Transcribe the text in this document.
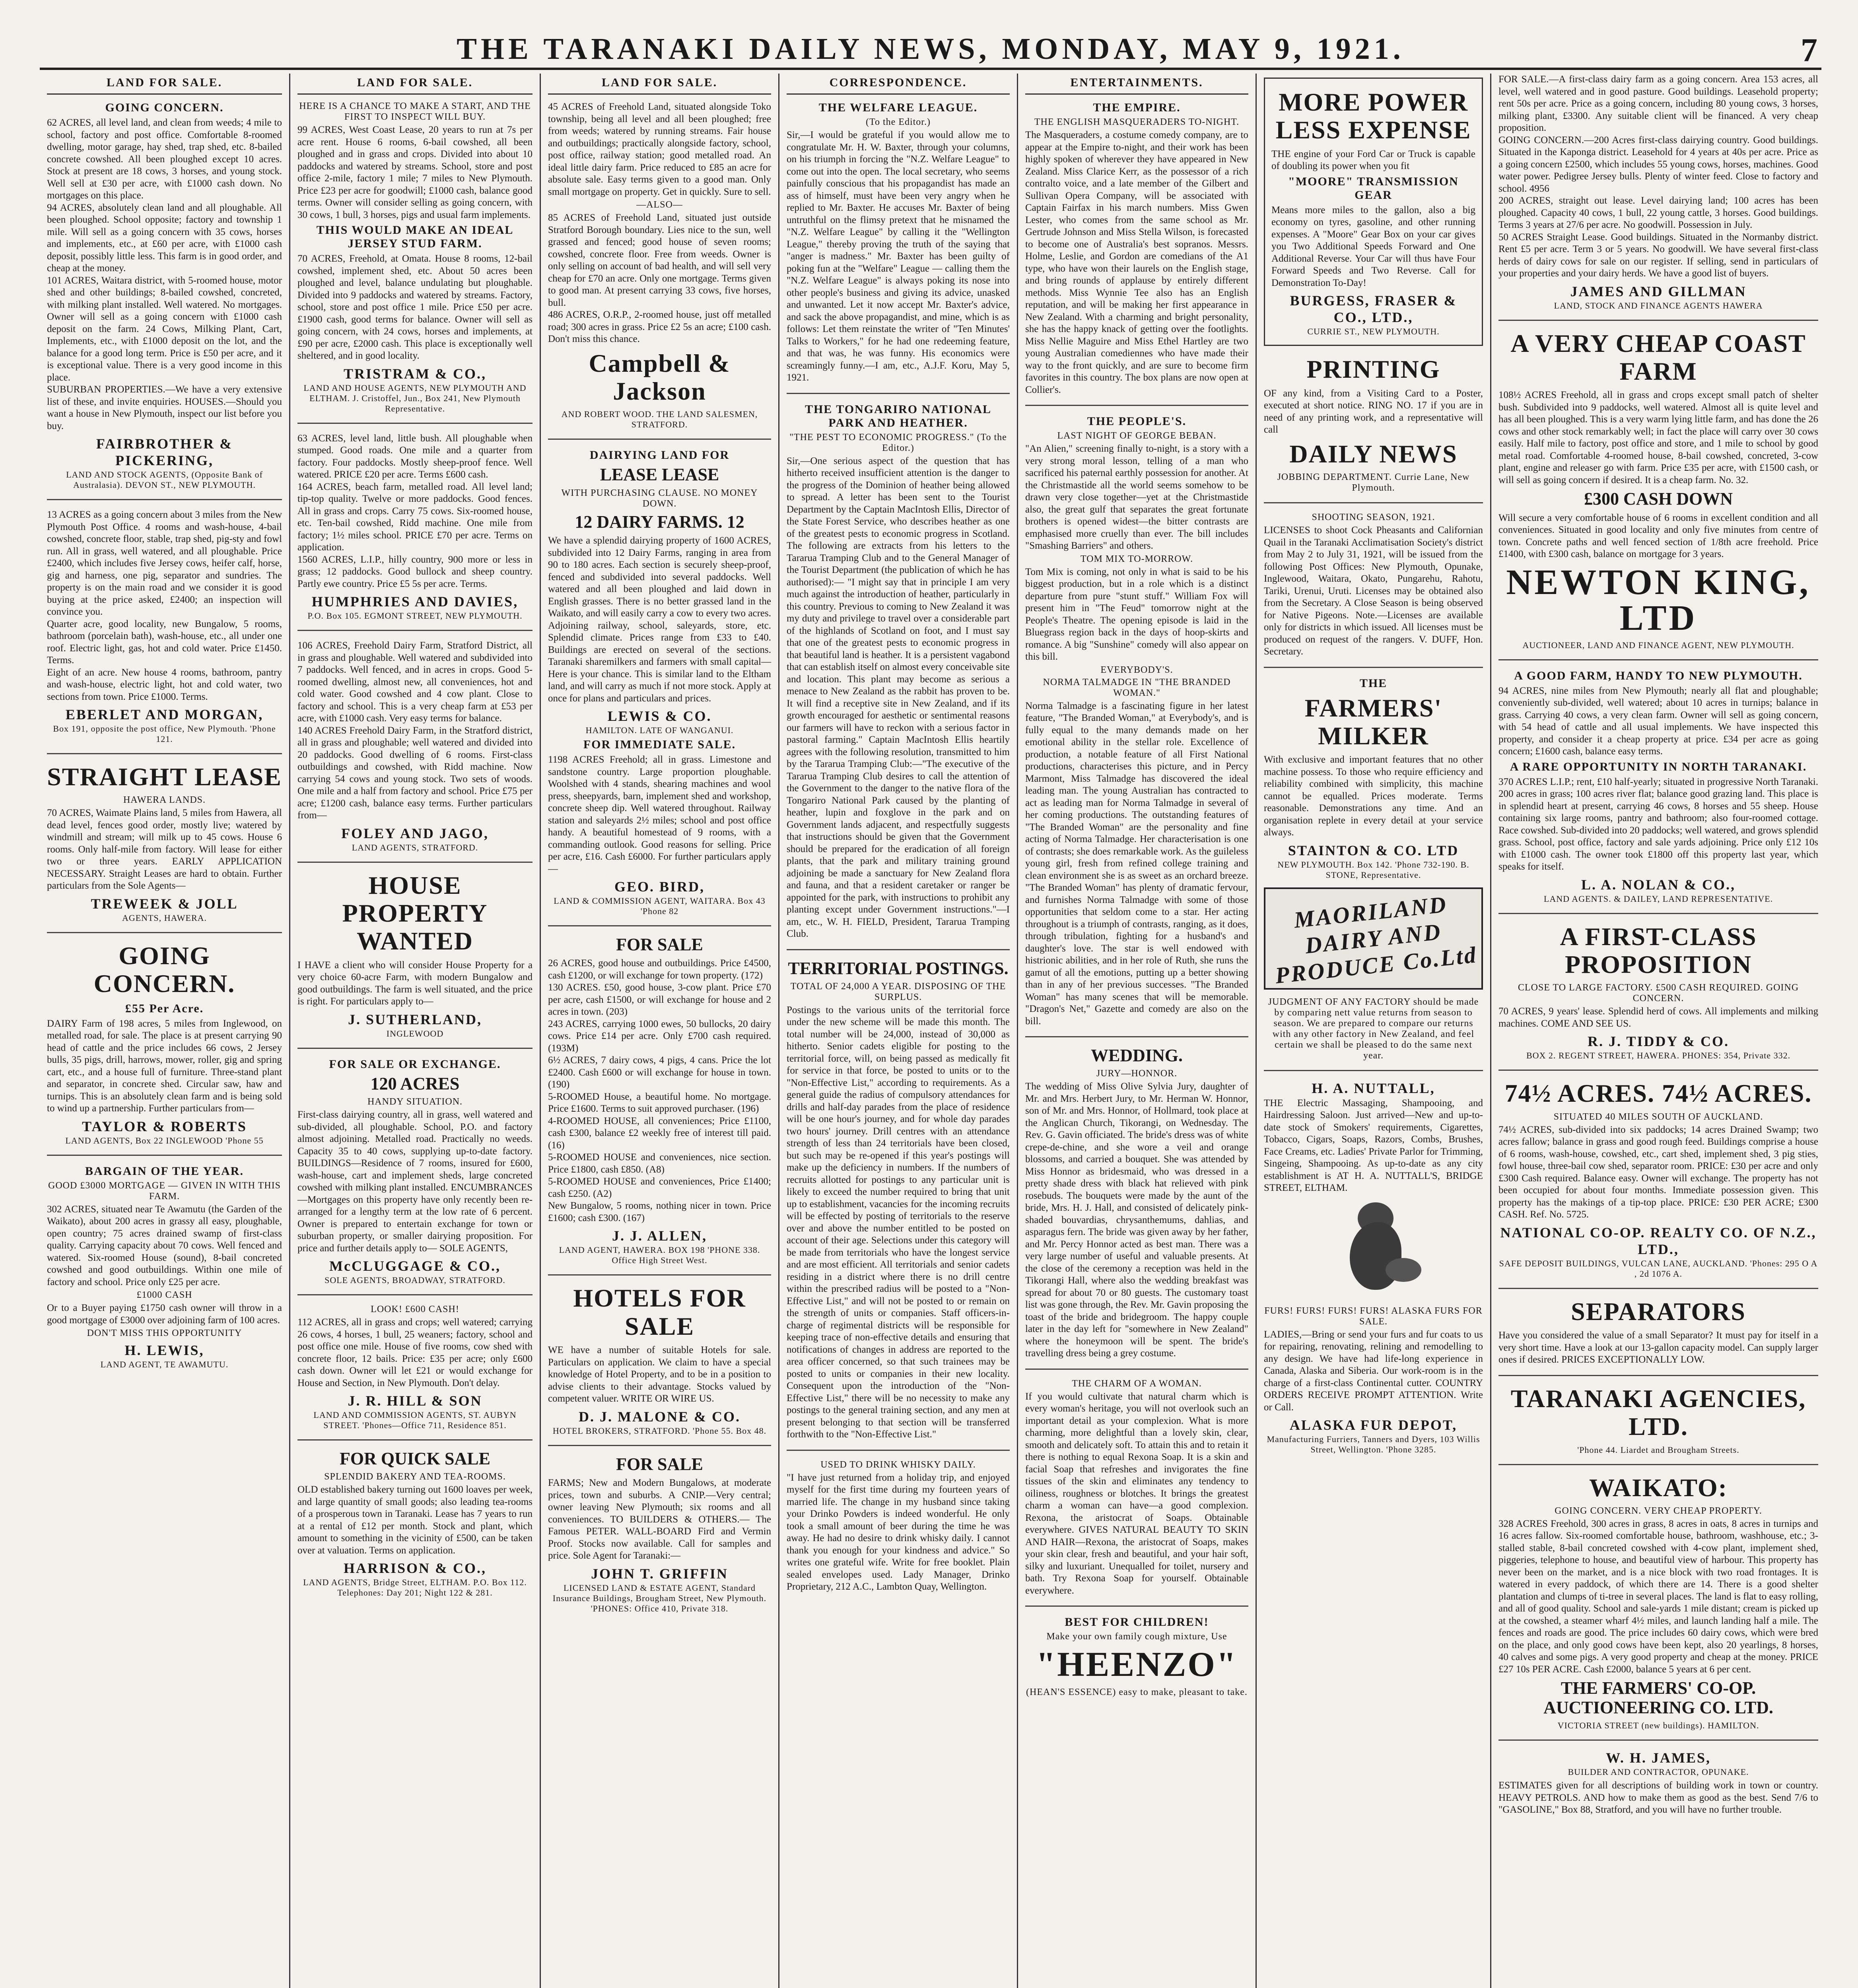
THE TARANAKI DAILY NEWS, MONDAY, MAY 9, 1921.	7
LAND FOR SALE.
GOING CONCERN.
62 ACRES, all level land, and clean from weeds; 4 mile to school, factory and post office. Comfortable 8-roomed dwelling, motor garage, hay shed, trap shed, etc. 8-bailed concrete cowshed. All been ploughed except 10 acres. Stock at present are 18 cows, 3 horses, and young stock. Well sell at £30 per acre, with £1000 cash down. No mortgages on this place.
94 ACRES, absolutely clean land and all ploughable. All been ploughed. School opposite; factory and township 1 mile. Will sell as a going concern with 35 cows, horses and implements, etc., at £60 per acre, with £1000 cash deposit, possibly little less. This farm is in good order, and cheap at the money.
101 ACRES, Waitara district, with 5-roomed house, motor shed and other buildings; 8-bailed cowshed, concreted, with milking plant installed. Well watered. No mortgages. Owner will sell as a going concern with £1000 cash deposit on the farm. 24 Cows, Milking Plant, Cart, Implements, etc., with £1000 deposit on the lot, and the balance for a good long term. Price is £50 per acre, and it is exceptional value. There is a very good income in this place.
SUBURBAN PROPERTIES.—We have a very extensive list of these, and invite enquiries. HOUSES.—Should you want a house in New Plymouth, inspect our list before you buy.
FAIRBROTHER & PICKERING,
LAND AND STOCK AGENTS, (Opposite Bank of Australasia). DEVON ST., NEW PLYMOUTH.
13 ACRES as a going concern about 3 miles from the New Plymouth Post Office. 4 rooms and wash-house, 4-bail cowshed, concrete floor, stable, trap shed, pig-sty and fowl run. All in grass, well watered, and all ploughable. Price £2400, which includes five Jersey cows, heifer calf, horse, gig and harness, one pig, separator and sundries. The property is on the main road and we consider it is good buying at the price asked, £2400; an inspection will convince you.
Quarter acre, good locality, new Bungalow, 5 rooms, bathroom (porcelain bath), wash-house, etc., all under one roof. Electric light, gas, hot and cold water. Price £1450. Terms.
Eight of an acre. New house 4 rooms, bathroom, pantry and wash-house, electric light, hot and cold water, two sections from town. Price £1000. Terms.
EBERLET AND MORGAN,
Box 191, opposite the post office, New Plymouth. 'Phone 121.
STRAIGHT LEASE
HAWERA LANDS.
70 ACRES, Waimate Plains land, 5 miles from Hawera, all dead level, fences good order, mostly live; watered by windmill and stream; will milk up to 45 cows. House 6 rooms. Only half-mile from factory. Will lease for either two or three years. EARLY APPLICATION NECESSARY. Straight Leases are hard to obtain. Further particulars from the Sole Agents—
TREWEEK & JOLL
AGENTS, HAWERA.
GOING CONCERN.
£55 Per Acre.
DAIRY Farm of 198 acres, 5 miles from Inglewood, on metalled road, for sale. The place is at present carrying 90 head of cattle and the price includes 66 cows, 2 Jersey bulls, 35 pigs, drill, harrows, mower, roller, gig and spring cart, etc., and a house full of furniture. Three-stand plant and separator, in concrete shed. Circular saw, haw and turnips. This is an absolutely clean farm and is being sold to wind up a partnership. Further particulars from—
TAYLOR & ROBERTS
LAND AGENTS, Box 22 INGLEWOOD 'Phone 55
BARGAIN OF THE YEAR.
GOOD £3000 MORTGAGE — GIVEN IN WITH THIS FARM.
302 ACRES, situated near Te Awamutu (the Garden of the Waikato), about 200 acres in grassy all easy, ploughable, open country; 75 acres drained swamp of first-class quality. Carrying capacity about 70 cows. Well fenced and watered. Six-roomed House (sound), 8-bail concreted cowshed and good outbuildings. Within one mile of factory and school. Price only £25 per acre.
£1000 CASH
Or to a Buyer paying £1750 cash owner will throw in a good mortgage of £3000 over adjoining farm of 100 acres.
DON'T MISS THIS OPPORTUNITY
H. LEWIS,
LAND AGENT, TE AWAMUTU.
LAND FOR SALE.
HERE IS A CHANCE TO MAKE A START, AND THE FIRST TO INSPECT WILL BUY.
99 ACRES, West Coast Lease, 20 years to run at 7s per acre rent. House 6 rooms, 6-bail cowshed, all been ploughed and in grass and crops. Divided into about 10 paddocks and watered by streams. School, store and post office 2-mile, factory 1 mile; 7 miles to New Plymouth. Price £23 per acre for goodwill; £1000 cash, balance good terms. Owner will consider selling as going concern, with 30 cows, 1 bull, 3 horses, pigs and usual farm implements.
THIS WOULD MAKE AN IDEAL JERSEY STUD FARM.
70 ACRES, Freehold, at Omata. House 8 rooms, 12-bail cowshed, implement shed, etc. About 50 acres been ploughed and level, balance undulating but ploughable. Divided into 9 paddocks and watered by streams. Factory, school, store and post office 1 mile. Price £50 per acre. £1900 cash, good terms for balance. Owner will sell as going concern, with 24 cows, horses and implements, at £90 per acre, £2000 cash. This place is exceptionally well sheltered, and in good locality.
TRISTRAM & CO.,
LAND AND HOUSE AGENTS, NEW PLYMOUTH AND ELTHAM. J. Cristoffel, Jun., Box 241, New Plymouth Representative.
63 ACRES, level land, little bush. All ploughable when stumped. Good roads. One mile and a quarter from factory. Four paddocks. Mostly sheep-proof fence. Well watered. PRICE £20 per acre. Terms £600 cash.
164 ACRES, beach farm, metalled road. All level land; tip-top quality. Twelve or more paddocks. Good fences. All in grass and crops. Carry 75 cows. Six-roomed house, etc. Ten-bail cowshed, Ridd machine. One mile from factory; 1½ miles school. PRICE £70 per acre. Terms on application.
1560 ACRES, L.I.P., hilly country, 900 more or less in grass; 12 paddocks. Good bullock and sheep country. Partly ewe country. Price £5 5s per acre. Terms.
HUMPHRIES AND DAVIES,
P.O. Box 105. EGMONT STREET, NEW PLYMOUTH.
106 ACRES, Freehold Dairy Farm, Stratford District, all in grass and ploughable. Well watered and subdivided into 7 paddocks. Well fenced, and in acres in crops. Good 5-roomed dwelling, almost new, all conveniences, hot and cold water. Good cowshed and 4 cow plant. Close to factory and school. This is a very cheap farm at £53 per acre, with £1000 cash. Very easy terms for balance.
140 ACRES Freehold Dairy Farm, in the Stratford district, all in grass and ploughable; well watered and divided into 20 paddocks. Good dwelling of 6 rooms. First-class outbuildings and cowshed, with Ridd machine. Now carrying 54 cows and young stock. Two sets of woods. One mile and a half from factory and school. Price £75 per acre; £1200 cash, balance easy terms. Further particulars from—
FOLEY AND JAGO,
LAND AGENTS, STRATFORD.
HOUSE PROPERTY WANTED
I HAVE a client who will consider House Property for a very choice 60-acre Farm, with modern Bungalow and good outbuildings. The farm is well situated, and the price is right. For particulars apply to—
J. SUTHERLAND,
INGLEWOOD
FOR SALE OR EXCHANGE.
120 ACRES
HANDY SITUATION.
First-class dairying country, all in grass, well watered and sub-divided, all ploughable. School, P.O. and factory almost adjoining. Metalled road. Practically no weeds. Capacity 35 to 40 cows, supplying up-to-date factory. BUILDINGS—Residence of 7 rooms, insured for £600, wash-house, cart and implement sheds, large concreted cowshed with milking plant installed. ENCUMBRANCES—Mortgages on this property have only recently been re-arranged for a lengthy term at the low rate of 6 percent. Owner is prepared to entertain exchange for town or suburban property, or smaller dairying proposition. For price and further details apply to— SOLE AGENTS,
McCLUGGAGE & CO.,
SOLE AGENTS, BROADWAY, STRATFORD.
LOOK! £600 CASH!
112 ACRES, all in grass and crops; well watered; carrying 26 cows, 4 horses, 1 bull, 25 weaners; factory, school and post office one mile. House of five rooms, cow shed with concrete floor, 12 bails. Price: £35 per acre; only £600 cash down. Owner will let £21 or would exchange for House and Section, in New Plymouth. Don't delay.
J. R. HILL & SON
LAND AND COMMISSION AGENTS, ST. AUBYN STREET. 'Phones—Office 711, Residence 851.
FOR QUICK SALE
SPLENDID BAKERY AND TEA-ROOMS.
OLD established bakery turning out 1600 loaves per week, and large quantity of small goods; also leading tea-rooms of a prosperous town in Taranaki. Lease has 7 years to run at a rental of £12 per month. Stock and plant, which amount to something in the vicinity of £500, can be taken over at valuation. Terms on application.
HARRISON & CO.,
LAND AGENTS, Bridge Street, ELTHAM. P.O. Box 112. Telephones: Day 201; Night 122 & 281.
LAND FOR SALE.
45 ACRES of Freehold Land, situated alongside Toko township, being all level and all been ploughed; free from weeds; watered by running streams. Fair house and outbuildings; practically alongside factory, school, post office, railway station; good metalled road. An ideal little dairy farm. Price reduced to £85 an acre for absolute sale. Easy terms given to a good man. Only small mortgage on property. Get in quickly. Sure to sell.
—ALSO—
85 ACRES of Freehold Land, situated just outside Stratford Borough boundary. Lies nice to the sun, well grassed and fenced; good house of seven rooms; cowshed, concrete floor. Free from weeds. Owner is only selling on account of bad health, and will sell very cheap for £70 an acre. Only one mortgage. Terms given to good man. At present carrying 33 cows, five horses, bull.
486 ACRES, O.R.P., 2-roomed house, just off metalled road; 300 acres in grass. Price £2 5s an acre; £100 cash. Don't miss this chance.
Campbell & Jackson
AND ROBERT WOOD. THE LAND SALESMEN, STRATFORD.
DAIRYING LAND FOR
LEASE LEASE
WITH PURCHASING CLAUSE. NO MONEY DOWN.
12 DAIRY FARMS. 12
We have a splendid dairying property of 1600 ACRES, subdivided into 12 Dairy Farms, ranging in area from 90 to 180 acres. Each section is securely sheep-proof, fenced and subdivided into several paddocks. Well watered and all been ploughed and laid down in English grasses. There is no better grassed land in the Waikato, and will easily carry a cow to every two acres. Adjoining railway, school, saleyards, store, etc. Splendid climate. Prices range from £33 to £40. Buildings are erected on several of the sections. Taranaki sharemilkers and farmers with small capital—Here is your chance. This is similar land to the Eltham land, and will carry as much if not more stock. Apply at once for plans and particulars and prices.
LEWIS & CO.
HAMILTON. LATE OF WANGANUI.
FOR IMMEDIATE SALE.
1198 ACRES Freehold; all in grass. Limestone and sandstone country. Large proportion ploughable. Woolshed with 4 stands, shearing machines and wool press, sheepyards, barn, implement shed and workshop, concrete sheep dip. Well watered throughout. Railway station and saleyards 2½ miles; school and post office handy. A beautiful homestead of 9 rooms, with a commanding outlook. Good reasons for selling. Price per acre, £16. Cash £6000. For further particulars apply—
GEO. BIRD,
LAND & COMMISSION AGENT, WAITARA. Box 43 'Phone 82
FOR SALE
26 ACRES, good house and outbuildings. Price £4500, cash £1200, or will exchange for town property. (172)
130 ACRES. £50, good house, 3-cow plant. Price £70 per acre, cash £1500, or will exchange for house and 2 acres in town. (203)
243 ACRES, carrying 1000 ewes, 50 bullocks, 20 dairy cows. Price £14 per acre. Only £700 cash required. (193M)
6½ ACRES, 7 dairy cows, 4 pigs, 4 cans. Price the lot £2400. Cash £600 or will exchange for house in town. (190)
5-ROOMED House, a beautiful home. No mortgage. Price £1600. Terms to suit approved purchaser. (196)
4-ROOMED HOUSE, all conveniences; Price £1100, cash £300, balance £2 weekly free of interest till paid. (16)
5-ROOMED HOUSE and conveniences, nice section. Price £1800, cash £850. (A8)
5-ROOMED HOUSE and conveniences, Price £1400; cash £250. (A2)
New Bungalow, 5 rooms, nothing nicer in town. Price £1600; cash £300. (167)
J. J. ALLEN,
LAND AGENT, HAWERA. BOX 198 'PHONE 338. Office High Street West.
HOTELS FOR SALE
WE have a number of suitable Hotels for sale. Particulars on application. We claim to have a special knowledge of Hotel Property, and to be in a position to advise clients to their advantage. Stocks valued by competent valuer. WRITE OR WIRE US.
D. J. MALONE & CO.
HOTEL BROKERS, STRATFORD. 'Phone 55. Box 48.
FOR SALE
FARMS; New and Modern Bungalows, at moderate prices, town and suburbs. A CNIP.—Very central; owner leaving New Plymouth; six rooms and all conveniences. TO BUILDERS & OTHERS.— The Famous PETER. WALL-BOARD Fird and Vermin Proof. Stocks now available. Call for samples and price. Sole Agent for Taranaki:—
JOHN T. GRIFFIN
LICENSED LAND & ESTATE AGENT, Standard Insurance Buildings, Brougham Street, New Plymouth. 'PHONES: Office 410, Private 318.
CORRESPONDENCE.
THE WELFARE LEAGUE.
(To the Editor.)
Sir,—I would be grateful if you would allow me to congratulate Mr. H. W. Baxter, through your columns, on his triumph in forcing the "N.Z. Welfare League" to come out into the open. The local secretary, who seems painfully conscious that his propagandist has made an ass of himself, must have been very angry when he replied to Mr. Baxter. He accuses Mr. Baxter of being untruthful on the flimsy pretext that he misnamed the "N.Z. Welfare League" by calling it the "Wellington League," thereby proving the truth of the saying that "anger is madness." Mr. Baxter has been guilty of poking fun at the "Welfare" League — calling them the "N.Z. Welfare League" is always poking its nose into other people's business and giving its advice, unasked and unwanted. Let it now accept Mr. Baxter's advice, and sack the above propagandist, and mine, which is as follows: Let them reinstate the writer of "Ten Minutes' Talks to Workers," for he had one redeeming feature, and that was, he was funny. His economics were screamingly funny.—I am, etc., A.J.F. Koru, May 5, 1921.
THE TONGARIRO NATIONAL PARK AND HEATHER.
"THE PEST TO ECONOMIC PROGRESS." (To the Editor.)
Sir,—One serious aspect of the question that has hitherto received insufficient attention is the danger to the progress of the Dominion of heather being allowed to spread. A letter has been sent to the Tourist Department by the Captain MacIntosh Ellis, Director of the State Forest Service, who describes heather as one of the greatest pests to economic progress in Scotland. The following are extracts from his letters to the Tararua Tramping Club and to the General Manager of the Tourist Department (the publication of which he has authorised):— "I might say that in principle I am very much against the introduction of heather, particularly in this country. Previous to coming to New Zealand it was my duty and privilege to travel over a considerable part of the highlands of Scotland on foot, and I must say that one of the greatest pests to economic progress in that beautiful land is heather. It is a persistent vagabond that can establish itself on almost every conceivable site and location. This plant may become as serious a menace to New Zealand as the rabbit has proven to be. It will find a receptive site in New Zealand, and if its growth encouraged for aesthetic or sentimental reasons our farmers will have to reckon with a serious factor in pastoral farming." Captain MacIntosh Ellis heartily agrees with the following resolution, transmitted to him by the Tararua Tramping Club:—"The executive of the Tararua Tramping Club desires to call the attention of the Government to the danger to the native flora of the Tongariro National Park caused by the planting of heather, lupin and foxglove in the park and on Government lands adjacent, and respectfully suggests that instructions should be given that the Government should be prepared for the eradication of all foreign plants, that the park and military training ground adjoining be made a sanctuary for New Zealand flora and fauna, and that a resident caretaker or ranger be appointed for the park, with instructions to prohibit any planting except under Government instructions."—I am, etc., W. H. FIELD, President, Tararua Tramping Club.
TERRITORIAL POSTINGS.
TOTAL OF 24,000 A YEAR. DISPOSING OF THE SURPLUS.
Postings to the various units of the territorial force under the new scheme will be made this month. The total number will be 24,000, instead of 30,000 as hitherto. Senior cadets eligible for posting to the territorial force, will, on being passed as medically fit for service in that force, be posted to units or to the "Non-Effective List," according to requirements. As a general guide the radius of compulsory attendances for drills and half-day parades from the place of residence will be one hour's journey, and for whole day parades two hours' journey. Drill centres with an attendance strength of less than 24 territorials have been closed, but such may be re-opened if this year's postings will make up the deficiency in numbers. If the numbers of recruits allotted for postings to any particular unit is likely to exceed the number required to bring that unit up to establishment, vacancies for the incoming recruits will be effected by posting of territorials to the reserve over and above the number entitled to be posted on account of their age. Selections under this category will be made from territorials who have the longest service and are most efficient. All territorials and senior cadets residing in a district where there is no drill centre within the prescribed radius will be posted to a "Non-Effective List," and will not be posted to or remain on the strength of units or companies. Staff officers-in-charge of regimental districts will be responsible for keeping trace of non-effective details and ensuring that notifications of changes in address are reported to the area officer concerned, so that such trainees may be posted to units or companies in their new locality. Consequent upon the introduction of the "Non-Effective List," there will be no necessity to make any postings to the general training section, and any men at present belonging to that section will be transferred forthwith to the "Non-Effective List."
USED TO DRINK WHISKY DAILY.
"I have just returned from a holiday trip, and enjoyed myself for the first time during my fourteen years of married life. The change in my husband since taking your Drinko Powders is indeed wonderful. He only took a small amount of beer during the time he was away. He had no desire to drink whisky daily. I cannot thank you enough for your kindness and advice." So writes one grateful wife. Write for free booklet. Plain sealed envelopes used. Lady Manager, Drinko Proprietary, 212 A.C., Lambton Quay, Wellington.
ENTERTAINMENTS.
THE EMPIRE.
THE ENGLISH MASQUERADERS TO-NIGHT.
The Masqueraders, a costume comedy company, are to appear at the Empire to-night, and their work has been highly spoken of wherever they have appeared in New Zealand. Miss Clarice Kerr, as the possessor of a rich contralto voice, and a late member of the Gilbert and Sullivan Opera Company, will be associated with Captain Fairfax in his march numbers. Miss Gwen Lester, who comes from the same school as Mr. Gertrude Johnson and Miss Stella Wilson, is forecasted to become one of Australia's best sopranos. Messrs. Holme, Leslie, and Gordon are comedians of the A1 type, who have won their laurels on the English stage, and bring rounds of applause by entirely different methods. Miss Wynnie Tee also has an English reputation, and will be making her first appearance in New Zealand. With a charming and bright personality, she has the happy knack of getting over the footlights. Miss Nellie Maguire and Miss Ethel Hartley are two young Australian comediennes who have made their way to the front quickly, and are sure to become firm favorites in this country. The box plans are now open at Collier's.
THE PEOPLE'S.
LAST NIGHT OF GEORGE BEBAN.
"An Alien," screening finally to-night, is a story with a very strong moral lesson, telling of a man who sacrificed his paternal earthly possession for another. At the Christmastide all the world seems somehow to be drawn very close together—yet at the Christmastide also, the great gulf that separates the great fortunate brothers is opened widest—the bitter contrasts are emphasised more cruelly than ever. The bill includes "Smashing Barriers" and others.
TOM MIX TO-MORROW.
Tom Mix is coming, not only in what is said to be his biggest production, but in a role which is a distinct departure from pure "stunt stuff." William Fox will present him in "The Feud" tomorrow night at the People's Theatre. The opening episode is laid in the Bluegrass region back in the days of hoop-skirts and romance. A big "Sunshine" comedy will also appear on this bill.
EVERYBODY'S.
NORMA TALMADGE IN "THE BRANDED WOMAN."
Norma Talmadge is a fascinating figure in her latest feature, "The Branded Woman," at Everybody's, and is fully equal to the many demands made on her emotional ability in the stellar role. Excellence of production, a notable feature of all First National productions, characterises this picture, and in Percy Marmont, Miss Talmadge has discovered the ideal leading man. The young Australian has contracted to act as leading man for Norma Talmadge in several of her coming productions. The outstanding features of "The Branded Woman" are the personality and fine acting of Norma Talmadge. Her characterisation is one of contrasts; she does remarkable work. As the guileless young girl, fresh from refined college training and clean environment she is as sweet as an orchard breeze. "The Branded Woman" has plenty of dramatic fervour, and furnishes Norma Talmadge with some of those opportunities that seldom come to a star. Her acting throughout is a triumph of contrasts, ranging, as it does, through tribulation, fighting for a husband's and daughter's love. The star is well endowed with histrionic abilities, and in her role of Ruth, she runs the gamut of all the emotions, putting up a better showing than in any of her previous successes. "The Branded Woman" has many scenes that will be memorable. "Dragon's Net," Gazette and comedy are also on the bill.
WEDDING.
JURY—HONNOR.
The wedding of Miss Olive Sylvia Jury, daughter of Mr. and Mrs. Herbert Jury, to Mr. Herman W. Honnor, son of Mr. and Mrs. Honnor, of Hollmard, took place at the Anglican Church, Tikorangi, on Wednesday. The Rev. G. Gavin officiated. The bride's dress was of white crepe-de-chine, and she wore a veil and orange blossoms, and carried a bouquet. She was attended by Miss Honnor as bridesmaid, who was dressed in a pretty shade dress with black hat relieved with pink rosebuds. The bouquets were made by the aunt of the bride, Mrs. H. J. Hall, and consisted of delicately pink-shaded bouvardias, chrysanthemums, dahlias, and asparagus fern. The bride was given away by her father, and Mr. Percy Honnor acted as best man. There was a very large number of useful and valuable presents. At the close of the ceremony a reception was held in the Tikorangi Hall, where also the wedding breakfast was spread for about 70 or 80 guests. The customary toast list was gone through, the Rev. Mr. Gavin proposing the toast of the bride and bridegroom. The happy couple later in the day left for "somewhere in New Zealand" where the honeymoon will be spent. The bride's travelling dress being a grey costume.
THE CHARM OF A WOMAN.
If you would cultivate that natural charm which is every woman's heritage, you will not overlook such an important detail as your complexion. What is more charming, more delightful than a lovely skin, clear, smooth and delicately soft. To attain this and to retain it there is nothing to equal Rexona Soap. It is a skin and facial Soap that refreshes and invigorates the fine tissues of the skin and eliminates any tendency to oiliness, roughness or blotches. It brings the greatest charm a woman can have—a good complexion. Rexona, the aristocrat of Soaps. Obtainable everywhere. GIVES NATURAL BEAUTY TO SKIN AND HAIR—Rexona, the aristocrat of Soaps, makes your skin clear, fresh and beautiful, and your hair soft, silky and luxuriant. Unequalled for toilet, nursery and bath. Try Rexona Soap for yourself. Obtainable everywhere.
BEST FOR CHILDREN!
Make your own family cough mixture, Use
"HEENZO"
(HEAN'S ESSENCE) easy to make, pleasant to take.
MORE POWER LESS EXPENSE
THE engine of your Ford Car or Truck is capable of doubling its power when you fit
"MOORE" TRANSMISSION GEAR
Means more miles to the gallon, also a big economy on tyres, gasoline, and other running expenses. A "Moore" Gear Box on your car gives you Two Additional Speeds Forward and One Additional Reverse. Your Car will thus have Four Forward Speeds and Two Reverse. Call for Demonstration To-Day!
BURGESS, FRASER & CO., LTD.,
CURRIE ST., NEW PLYMOUTH.
PRINTING
OF any kind, from a Visiting Card to a Poster, executed at short notice. RING NO. 17 if you are in need of any printing work, and a representative will call
DAILY NEWS
JOBBING DEPARTMENT. Currie Lane, New Plymouth.
SHOOTING SEASON, 1921.
LICENSES to shoot Cock Pheasants and Californian Quail in the Taranaki Acclimatisation Society's district from May 2 to July 31, 1921, will be issued from the following Post Offices: New Plymouth, Opunake, Inglewood, Waitara, Okato, Pungarehu, Rahotu, Tariki, Urenui, Uruti. Licenses may be obtained also from the Secretary. A Close Season is being observed for Native Pigeons. Note.—Licenses are available only for districts in which issued. All licenses must be produced on request of the rangers. V. DUFF, Hon. Secretary.
THE
FARMERS' MILKER
With exclusive and important features that no other machine possess. To those who require efficiency and reliability combined with simplicity, this machine cannot be equalled. Prices moderate. Terms reasonable. Demonstrations any time. And an organisation replete in every detail at your service always.
STAINTON & CO. LTD
NEW PLYMOUTH. Box 142. 'Phone 732-190. B. STONE, Representative.
MAORILAND DAIRY AND PRODUCE Co.Ltd
JUDGMENT OF ANY FACTORY should be made by comparing nett value returns from season to season. We are prepared to compare our returns with any other factory in New Zealand, and feel certain we shall be pleased to do the same next year.
H. A. NUTTALL,
THE Electric Massaging, Shampooing, and Hairdressing Saloon. Just arrived—New and up-to-date stock of Smokers' requirements, Cigarettes, Tobacco, Cigars, Soaps, Razors, Combs, Brushes, Face Creams, etc. Ladies' Private Parlor for Trimming, Singeing, Shampooing. As up-to-date as any city establishment is AT H. A. NUTTALL'S, BRIDGE STREET, ELTHAM.
FURS! FURS! FURS! FURS! ALASKA FURS FOR SALE.
LADIES,—Bring or send your furs and fur coats to us for repairing, renovating, relining and remodelling to any design. We have had life-long experience in Canada, Alaska and Siberia. Our work-room is in the charge of a first-class Continental cutter. COUNTRY ORDERS RECEIVE PROMPT ATTENTION. Write or Call.
ALASKA FUR DEPOT,
Manufacturing Furriers, Tanners and Dyers, 103 Willis Street, Wellington. 'Phone 3285.
FOR SALE.—A first-class dairy farm as a going concern. Area 153 acres, all level, well watered and in good pasture. Good buildings. Leasehold property; rent 50s per acre. Price as a going concern, including 80 young cows, 3 horses, milking plant, £3300. Any suitable client will be financed. A very cheap proposition.
GOING CONCERN.—200 Acres first-class dairying country. Good buildings. Situated in the Kaponga district. Leasehold for 4 years at 40s per acre. Price as a going concern £2500, which includes 55 young cows, horses, machines. Good water power. Pedigree Jersey bulls. Plenty of winter feed. Close to factory and school. 4956
200 ACRES, straight out lease. Level dairying land; 100 acres has been ploughed. Capacity 40 cows, 1 bull, 22 young cattle, 3 horses. Good buildings. Terms 3 years at 27/6 per acre. No goodwill. Possession in July.
50 ACRES Straight Lease. Good buildings. Situated in the Normanby district. Rent £5 per acre. Term 3 or 5 years. No goodwill. We have several first-class herds of dairy cows for sale on our register. If selling, send in particulars of your properties and your dairy herds. We have a good list of buyers.
JAMES AND GILLMAN
LAND, STOCK AND FINANCE AGENTS HAWERA
A VERY CHEAP COAST FARM
108½ ACRES Freehold, all in grass and crops except small patch of shelter bush. Subdivided into 9 paddocks, well watered. Almost all is quite level and has all been ploughed. This is a very warm lying little farm, and has done the 26 cows and other stock remarkably well; in fact the place will carry over 30 cows easily. Half mile to factory, post office and store, and 1 mile to school by good metal road. Comfortable 4-roomed house, 8-bail cowshed, concreted, 3-cow plant, engine and releaser go with farm. Price £35 per acre, with £1500 cash, or will sell as going concern if desired. It is a cheap farm. No. 32.
£300 CASH DOWN
Will secure a very comfortable house of 6 rooms in excellent condition and all conveniences. Situated in good locality and only five minutes from centre of town. Concrete paths and well fenced section of 1/8th acre freehold. Price £1400, with £300 cash, balance on mortgage for 3 years.
NEWTON KING, LTD
AUCTIONEER, LAND AND FINANCE AGENT, NEW PLYMOUTH.
A GOOD FARM, HANDY TO NEW PLYMOUTH.
94 ACRES, nine miles from New Plymouth; nearly all flat and ploughable; conveniently sub-divided, well watered; about 10 acres in turnips; balance in grass. Carrying 40 cows, a very clean farm. Owner will sell as going concern, with 54 head of cattle and all usual implements. We have inspected this property, and consider it a cheap property at price. £34 per acre as going concern; £1600 cash, balance easy terms.
A RARE OPPORTUNITY IN NORTH TARANAKI.
370 ACRES L.I.P.; rent, £10 half-yearly; situated in progressive North Taranaki. 200 acres in grass; 100 acres river flat; balance good grazing land. This place is in splendid heart at present, carrying 46 cows, 8 horses and 55 sheep. House containing six large rooms, pantry and bathroom; also four-roomed cottage. Race cowshed. Sub-divided into 20 paddocks; well watered, and grows splendid grass. School, post office, factory and sale yards adjoining. Price only £12 10s with £1000 cash. The owner took £1800 off this property last year, which speaks for itself.
L. A. NOLAN & CO.,
LAND AGENTS. & DAILEY, LAND REPRESENTATIVE.
A FIRST-CLASS PROPOSITION
CLOSE TO LARGE FACTORY. £500 CASH REQUIRED. GOING CONCERN.
70 ACRES, 9 years' lease. Splendid herd of cows. All implements and milking machines. COME AND SEE US.
R. J. TIDDY & CO.
BOX 2. REGENT STREET, HAWERA. PHONES: 354, Private 332.
74½ ACRES. 74½ ACRES.
SITUATED 40 MILES SOUTH OF AUCKLAND.
74½ ACRES, sub-divided into six paddocks; 14 acres Drained Swamp; two acres fallow; balance in grass and good rough feed. Buildings comprise a house of 6 rooms, wash-house, cowshed, etc., cart shed, implement shed, 3 pig sties, fowl house, three-bail cow shed, separator room. PRICE: £30 per acre and only £300 Cash required. Balance easy. Owner will exchange. The property has not been occupied for about four months. Immediate possession given. This property has the makings of a tip-top place. PRICE: £30 PER ACRE; £300 CASH. Ref. No. 5725.
NATIONAL CO-OP. REALTY CO. OF N.Z., LTD.,
SAFE DEPOSIT BUILDINGS, VULCAN LANE, AUCKLAND. 'Phones: 295 O A , 2d 1076 A.
SEPARATORS
Have you considered the value of a small Separator? It must pay for itself in a very short time. Have a look at our 13-gallon capacity model. Can supply larger ones if desired. PRICES EXCEPTIONALLY LOW.
TARANAKI AGENCIES, LTD.
'Phone 44. Liardet and Brougham Streets.
WAIKATO:
GOING CONCERN. VERY CHEAP PROPERTY.
328 ACRES Freehold, 300 acres in grass, 8 acres in oats, 8 acres in turnips and 16 acres fallow. Six-roomed comfortable house, bathroom, washhouse, etc.; 3-stalled stable, 8-bail concreted cowshed with 4-cow plant, implement shed, piggeries, telephone to house, and beautiful view of harbour. This property has never been on the market, and is a nice block with two road frontages. It is watered in every paddock, of which there are 14. There is a good shelter plantation and clumps of ti-tree in several places. The land is flat to easy rolling, and all of good quality. School and sale-yards 1 mile distant; cream is picked up at the cowshed, a steamer wharf 4½ miles, and launch landing half a mile. The fences and roads are good. The price includes 60 dairy cows, which were bred on the place, and only good cows have been kept, also 20 yearlings, 8 horses, 40 calves and some pigs. A very good property and cheap at the money. PRICE £27 10s PER ACRE. Cash £2000, balance 5 years at 6 per cent.
THE FARMERS' CO-OP. AUCTIONEERING CO. LTD.
VICTORIA STREET (new buildings). HAMILTON.
W. H. JAMES,
BUILDER AND CONTRACTOR, OPUNAKE.
ESTIMATES given for all descriptions of building work in town or country. HEAVY PETROLS. AND how to make them as good as the best. Send 7/6 to "GASOLINE," Box 88, Stratford, and you will have no further trouble.
